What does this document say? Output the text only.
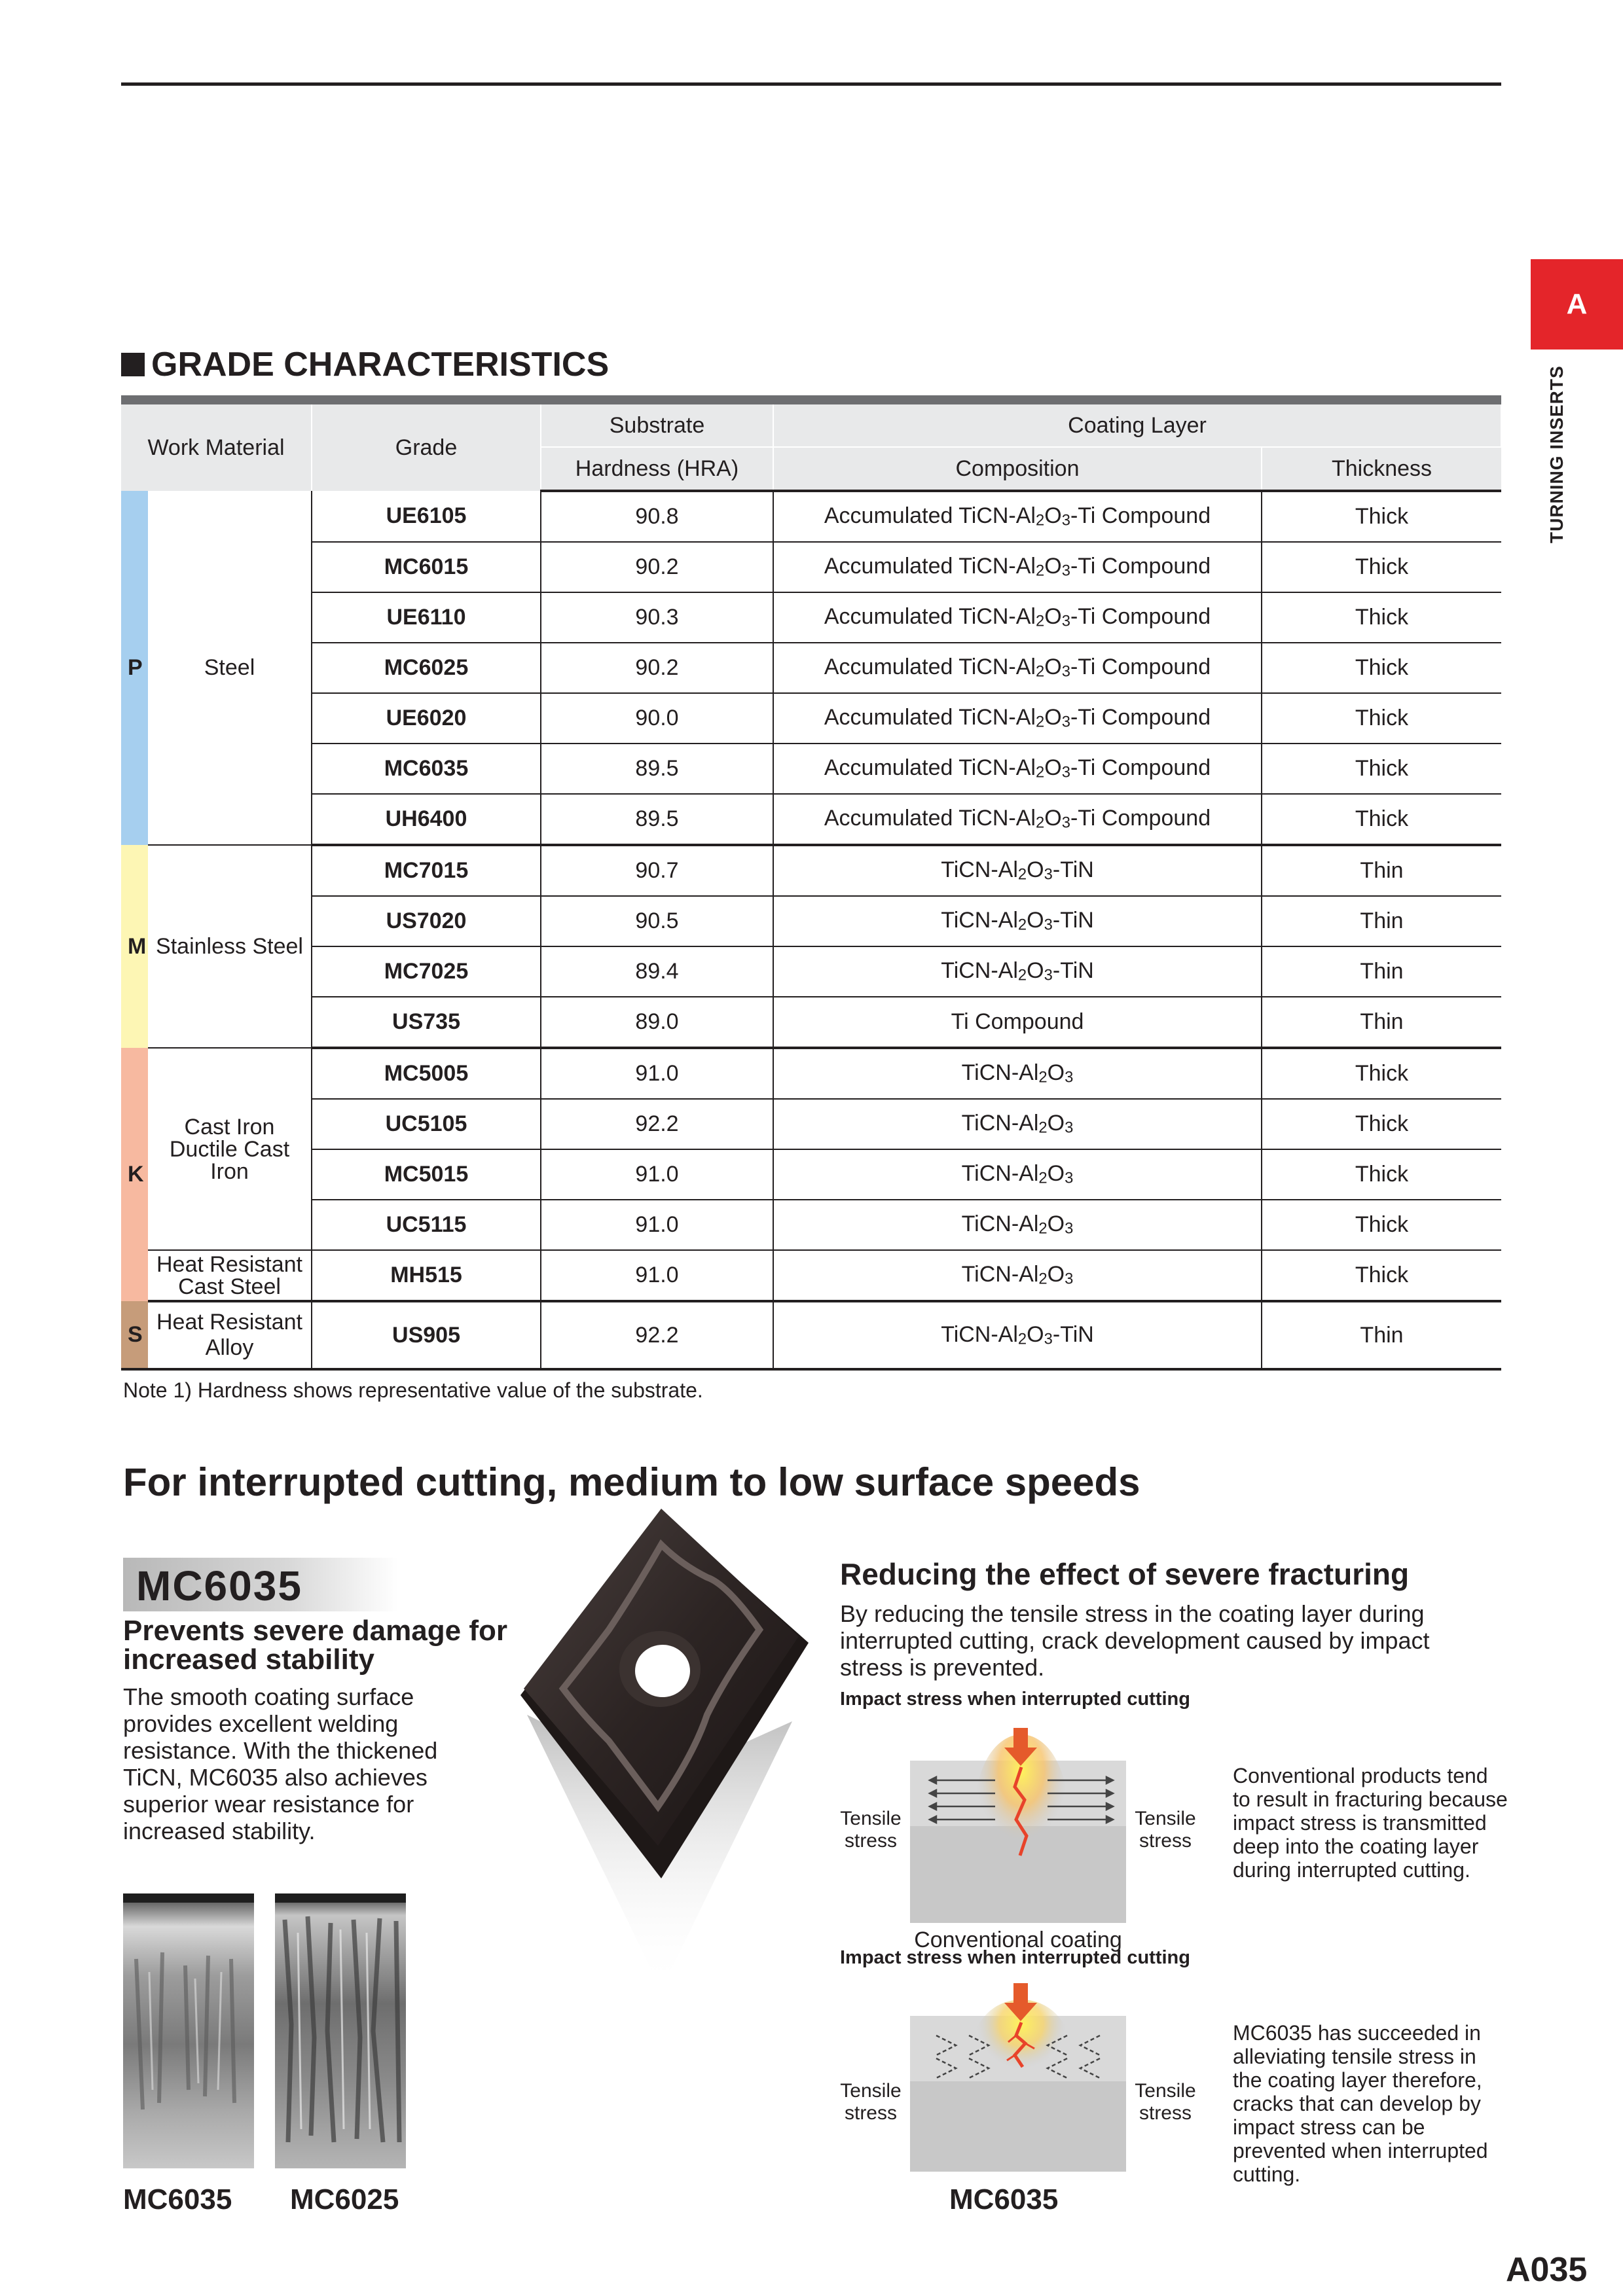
A
TURNING INSERTS
GRADE CHARACTERISTICS
Work Material		Grade	Substrate	Coating Layer	
			Hardness (HRA)	Composition	Thickness
P	Steel	UE6105	90.8	Accumulated TiCN-$Al_2O_3-Ti$ Compound	Thick
		MC6015	90.2	Accumulated TiCN-$Al_2O_3-Ti$ Compound	Thick
		UE6110	90.3	Accumulated TiCN-$Al_2O_3-Ti$ Compound	Thick
		MC6025	90.2	Accumulated TiCN-$Al_2O_3-Ti$ Compound	Thick
		UE6020	90.0	Accumulated TiCN-$Al_2O_3-Ti$ Compound	Thick
		MC6035	89.5	Accumulated TiCN-$Al_2O_3-Ti$ Compound	Thick
		UH6400	89.5	Accumulated TiCN-$Al_2O_3-Ti$ Compound	Thick
M	Stainless Steel	MC7015	90.7	TiCN-$Al_2O_3$-TiN	Thin
		US7020	90.5	TiCN-$Al_2O_3$-TiN	Thin
		MC7025	89.4	TiCN-$Al_2O_3$-TiN	Thin
		US735	89.0	Ti Compound	Thin
K	Cast Iron Ductile Cast Iron	MC5005	91.0	TiCN-$Al_2O_3$	Thick
		UC5105	92.2	TiCN-$Al_2O_3$	Thick
		MC5015	91.0	TiCN-$Al_2O_3$	Thick
		UC5115	91.0	TiCN-$Al_2O_3$	Thick
	Heat Resistant Cast Steel	MH515	91.0	TiCN-$Al_2O_3$	Thick
S	Heat Resistant Alloy	US905	92.2	TiCN-$Al_2O_3$-TiN	Thin
Note 1) Hardness shows representative value of the substrate.
For interrupted cutting, medium to low surface speeds
MC6035
Prevents severe damage for increased stability
The smooth coating surface provides excellent welding resistance. With the thickened TiCN, MC6035 also achieves superior wear resistance for increased stability.
MC6035 MC6025
Reducing the effect of severe fracturing
By reducing the tensile stress in the coating layer during interrupted cutting, crack development caused by impact stress is prevented.
Impact stress when interrupted cutting
Tensile stress
Tensile stress
Conventional coating
Conventional products tend to result in fracturing because impact stress is transmitted deep into the coating layer during interrupted cutting.
Impact stress when interrupted cutting
Tensile stress
Tensile stress
MC6035 has succeeded in alleviating tensile stress in the coating layer therefore, cracks that can develop by impact stress can be prevented when interrupted cutting.
MC6035
A035
